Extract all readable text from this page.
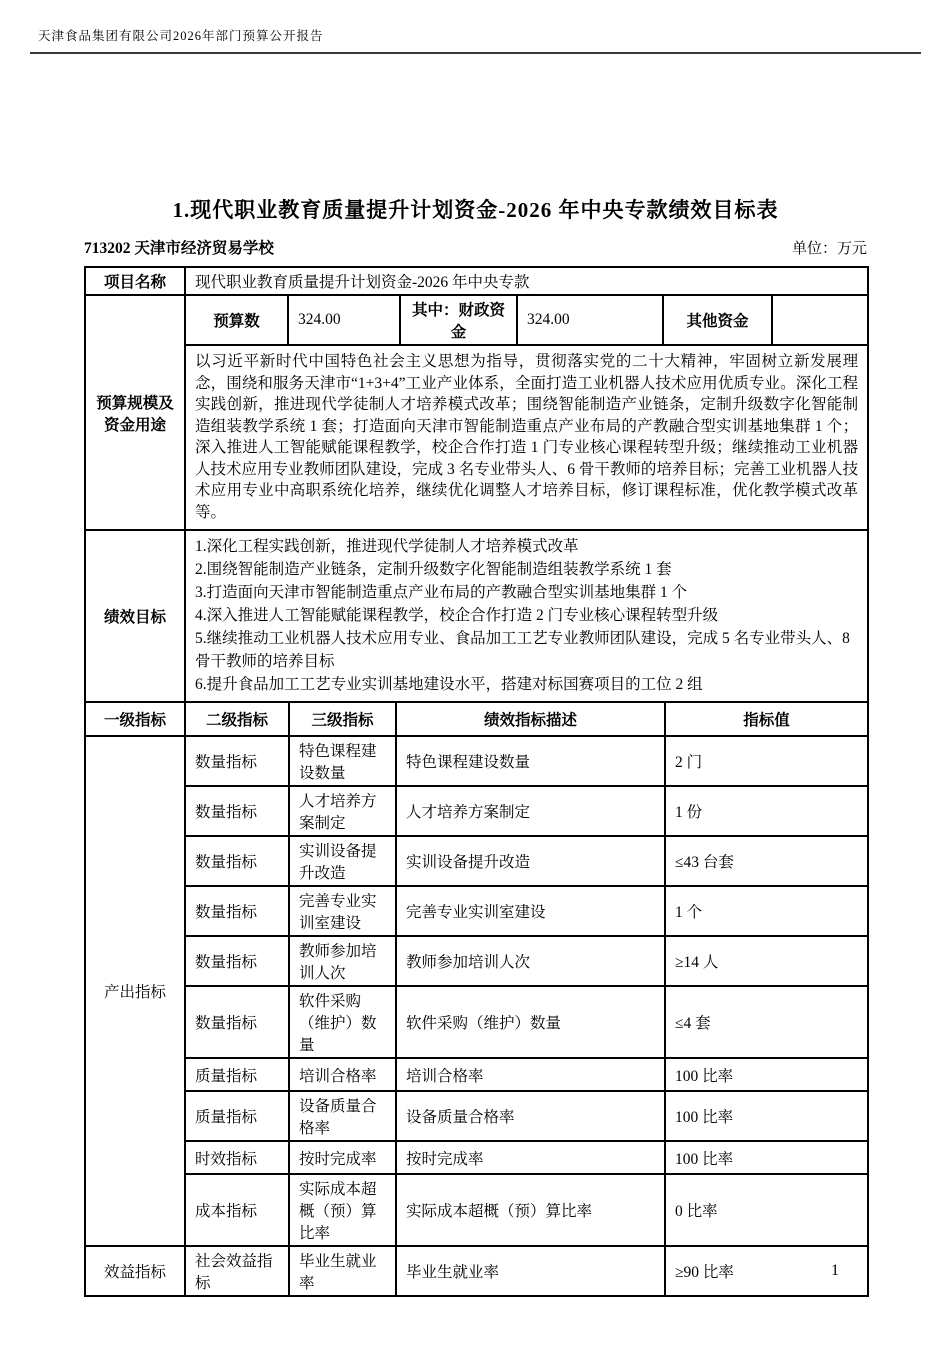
天津食品集团有限公司2026年部门预算公开报告
1.现代职业教育质量提升计划资金-2026 年中央专款绩效目标表
713202 天津市经济贸易学校	单位：万元
项目名称	现代职业教育质量提升计划资金-2026 年中央专款					
预算规模及资金用途	预算数	324.00	其中：财政资金	324.00	其他资金	
	以习近平新时代中国特色社会主义思想为指导，贯彻落实党的二十大精神，牢固树立新发展理念，围绕和服务天津市“1+3+4”工业产业体系，全面打造工业机器人技术应用优质专业。深化工程实践创新，推进现代学徒制人才培养模式改革；围绕智能制造产业链条，定制升级数字化智能制造组装教学系统 1 套；打造面向天津市智能制造重点产业布局的产教融合型实训基地集群 1 个；深入推进人工智能赋能课程教学，校企合作打造 1 门专业核心课程转型升级；继续推动工业机器人技术应用专业教师团队建设，完成 3 名专业带头人、6 骨干教师的培养目标；完善工业机器人技术应用专业中高职系统化培养，继续优化调整人才培养目标，修订课程标准，优化教学模式改革等。					
绩效目标	
1.深化工程实践创新，推进现代学徒制人才培养模式改革
2.围绕智能制造产业链条，定制升级数字化智能制造组装教学系统 1 套
3.打造面向天津市智能制造重点产业布局的产教融合型实训基地集群 1 个
4.深入推进人工智能赋能课程教学，校企合作打造 2 门专业核心课程转型升级
5.继续推动工业机器人技术应用专业、食品加工工艺专业教师团队建设，完成 5 名专业带头人、8 骨干教师的培养目标
6.提升食品加工工艺专业实训基地建设水平，搭建对标国赛项目的工位 2 组
一级指标	二级指标	三级指标	绩效指标描述	指标值
产出指标	数量指标	特色课程建设数量	特色课程建设数量	2 门
	数量指标	人才培养方案制定	人才培养方案制定	1 份
	数量指标	实训设备提升改造	实训设备提升改造	≤43 台套
	数量指标	完善专业实训室建设	完善专业实训室建设	1 个
	数量指标	教师参加培训人次	教师参加培训人次	≥14 人
	数量指标	软件采购（维护）数量	软件采购（维护）数量	≤4 套
	质量指标	培训合格率	培训合格率	100 比率
	质量指标	设备质量合格率	设备质量合格率	100 比率
	时效指标	按时完成率	按时完成率	100 比率
	成本指标	实际成本超概（预）算比率	实际成本超概（预）算比率	0 比率
效益指标	社会效益指标	毕业生就业率	毕业生就业率	≥90 比率	1
